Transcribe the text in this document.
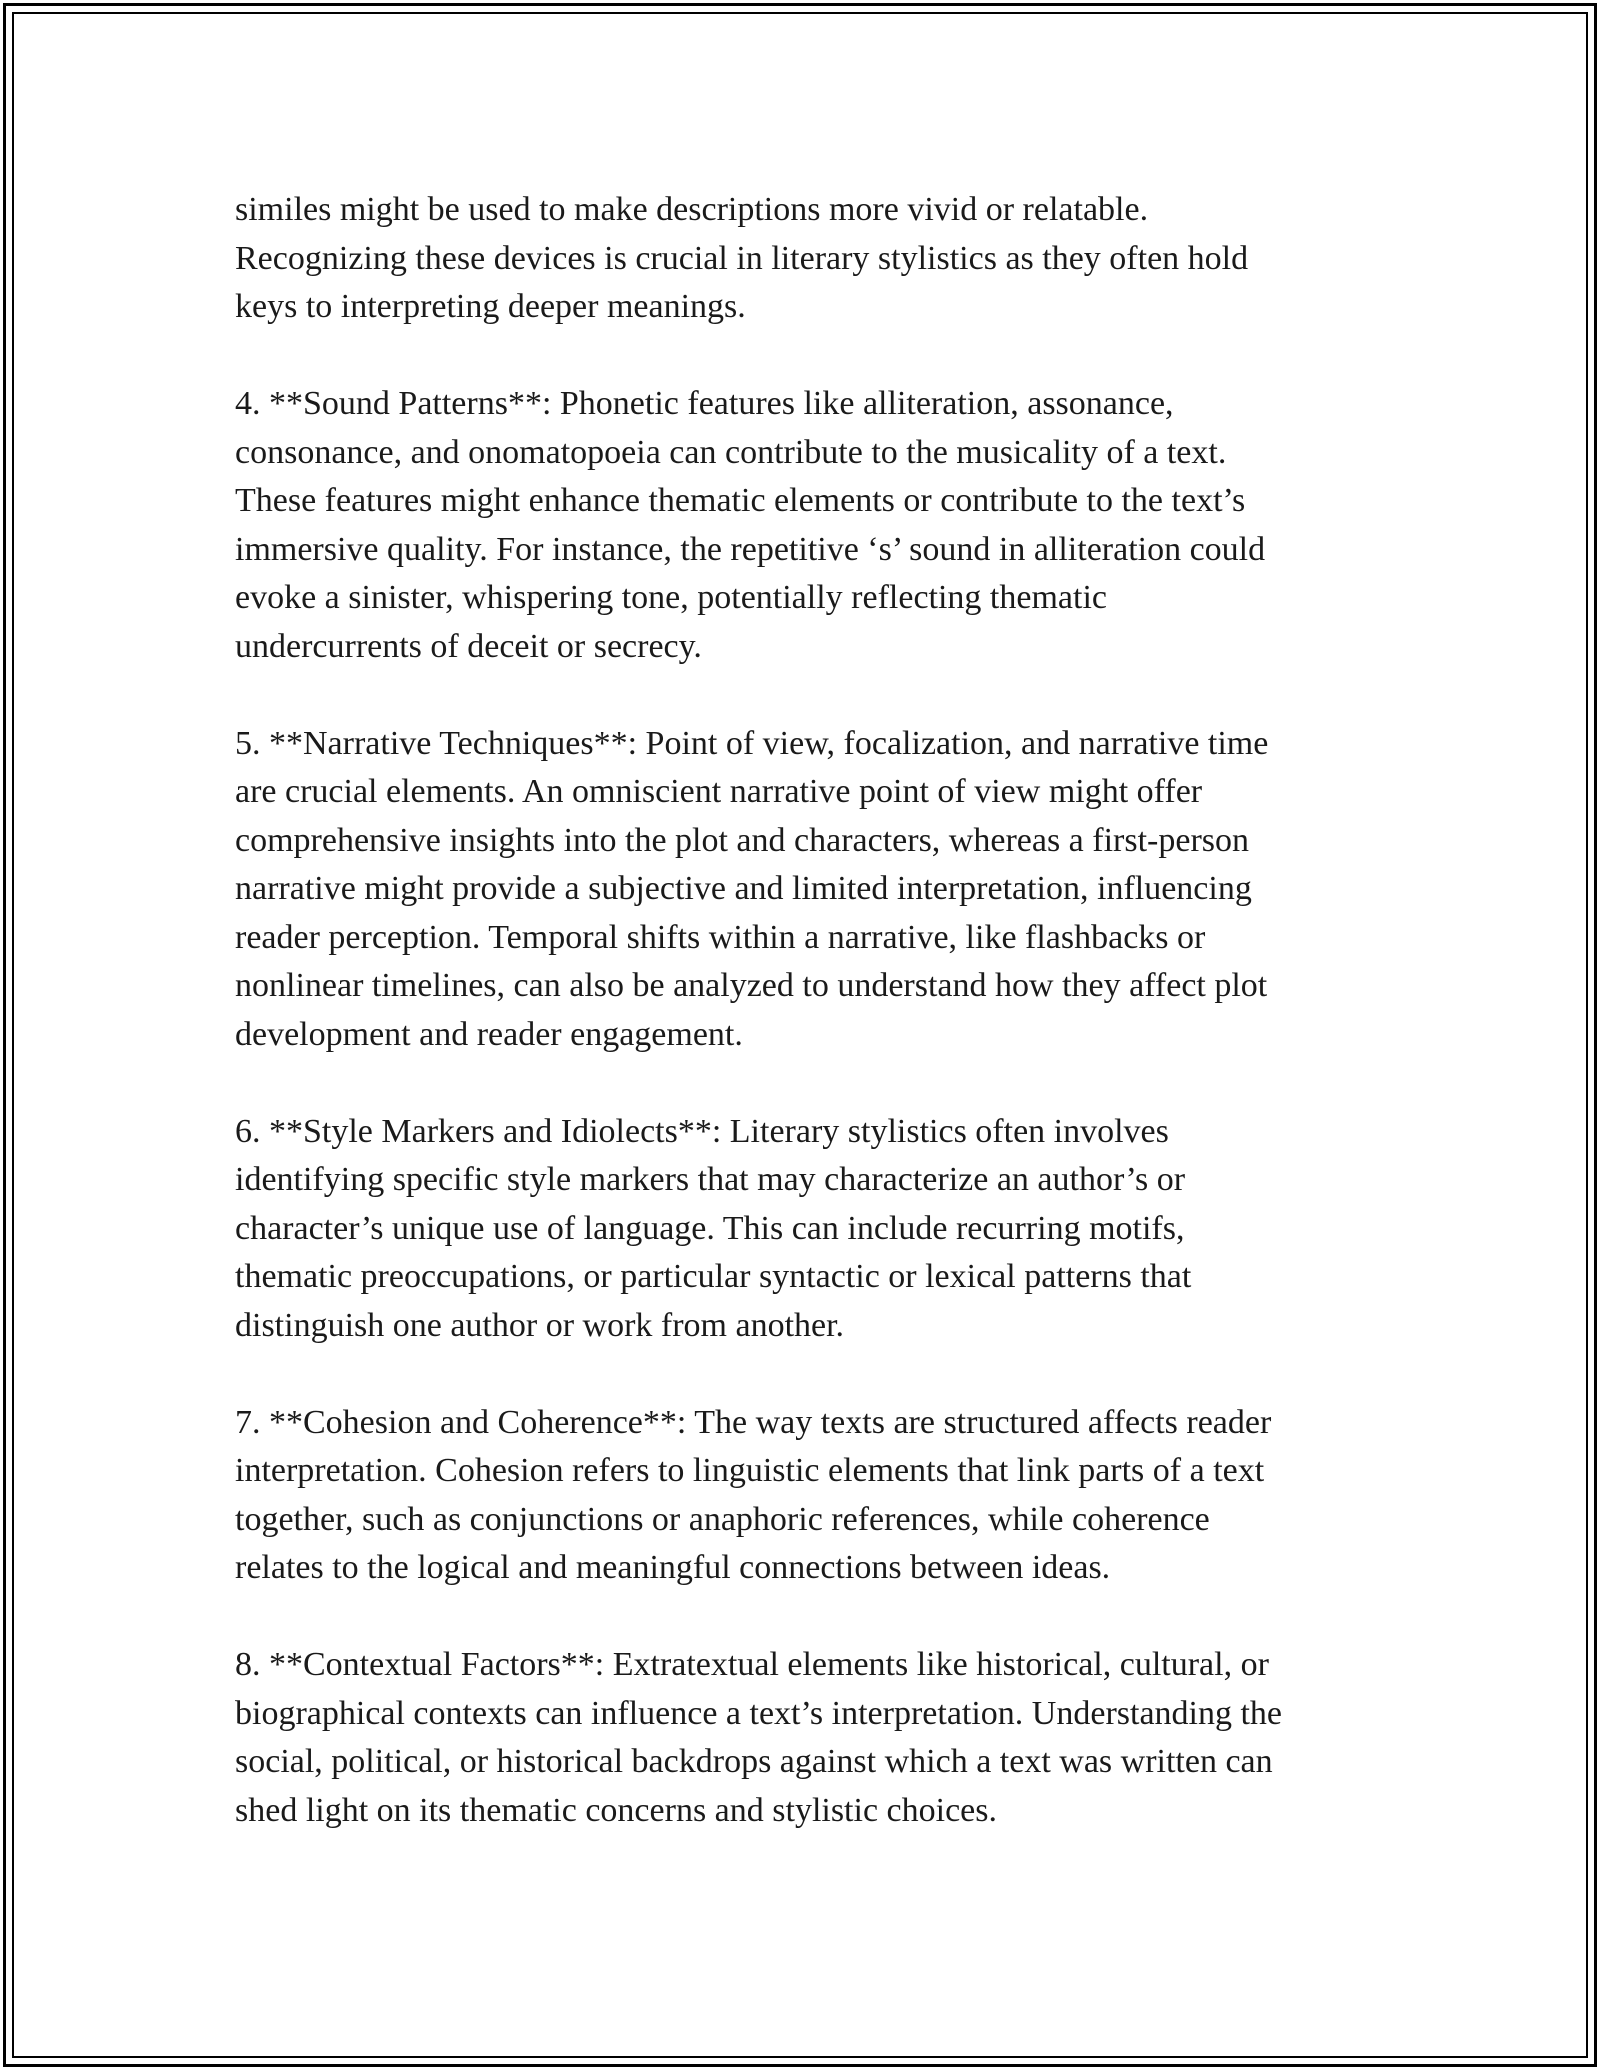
similes might be used to make descriptions more vivid or relatable.
Recognizing these devices is crucial in literary stylistics as they often hold
keys to interpreting deeper meanings.

4. **Sound Patterns**: Phonetic features like alliteration, assonance,
consonance, and onomatopoeia can contribute to the musicality of a text.
These features might enhance thematic elements or contribute to the text’s
immersive quality. For instance, the repetitive ‘s’ sound in alliteration could
evoke a sinister, whispering tone, potentially reflecting thematic
undercurrents of deceit or secrecy.

5. **Narrative Techniques**: Point of view, focalization, and narrative time
are crucial elements. An omniscient narrative point of view might offer
comprehensive insights into the plot and characters, whereas a first-person
narrative might provide a subjective and limited interpretation, influencing
reader perception. Temporal shifts within a narrative, like flashbacks or
nonlinear timelines, can also be analyzed to understand how they affect plot
development and reader engagement.

6. **Style Markers and Idiolects**: Literary stylistics often involves
identifying specific style markers that may characterize an author’s or
character’s unique use of language. This can include recurring motifs,
thematic preoccupations, or particular syntactic or lexical patterns that
distinguish one author or work from another.

7. **Cohesion and Coherence**: The way texts are structured affects reader
interpretation. Cohesion refers to linguistic elements that link parts of a text
together, such as conjunctions or anaphoric references, while coherence
relates to the logical and meaningful connections between ideas.

8. **Contextual Factors**: Extratextual elements like historical, cultural, or
biographical contexts can influence a text’s interpretation. Understanding the
social, political, or historical backdrops against which a text was written can
shed light on its thematic concerns and stylistic choices.
